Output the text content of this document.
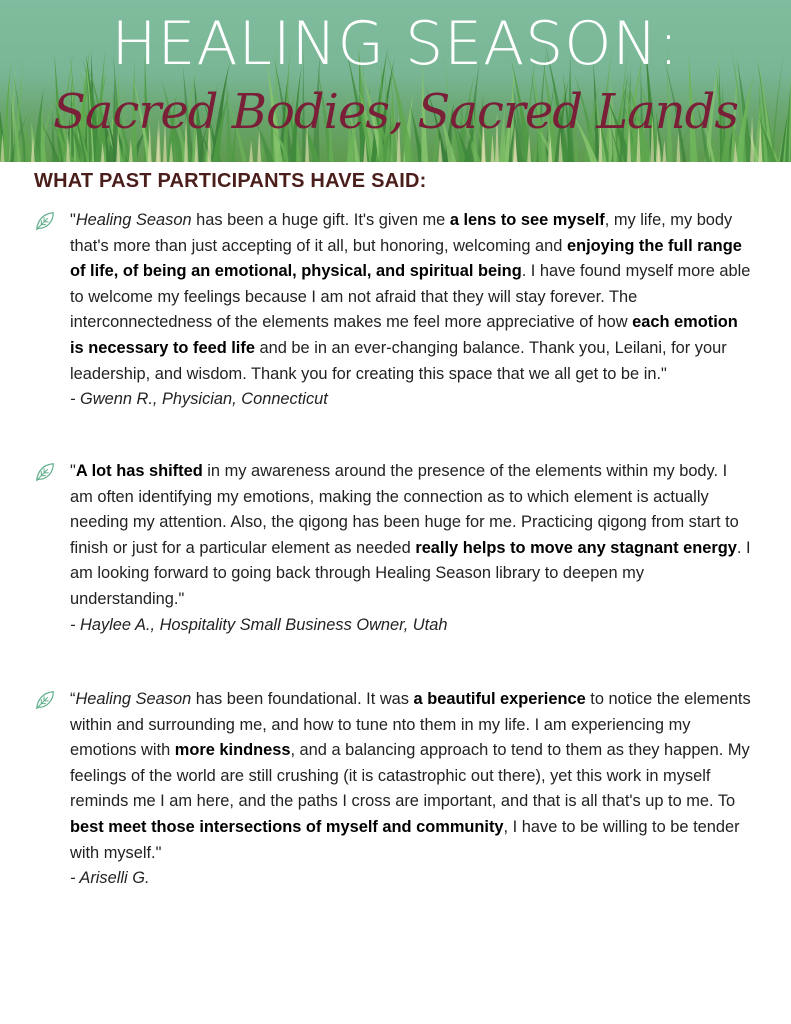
HEALING SEASON:
Sacred Bodies, Sacred Lands
WHAT PAST PARTICIPANTS HAVE SAID:

"Healing Season has been a huge gift. It's given me a lens to see myself, my life, my body that's more than just accepting of it all, but honoring, welcoming and enjoying the full range of life, of being an emotional, physical, and spiritual being. I have found myself more able to welcome my feelings because I am not afraid that they will stay forever. The interconnectedness of the elements makes me feel more appreciative of how each emotion is necessary to feed life and be in an ever-changing balance. Thank you, Leilani, for your leadership, and wisdom. Thank you for creating this space that we all get to be in."

- Gwenn R., Physician, Connecticut

"A lot has shifted in my awareness around the presence of the elements within my body. I am often identifying my emotions, making the connection as to which element is actually needing my attention. Also, the qigong has been huge for me. Practicing qigong from start to finish or just for a particular element as needed really helps to move any stagnant energy. I am looking forward to going back through Healing Season library to deepen my understanding."

- Haylee A., Hospitality Small Business Owner, Utah

“Healing Season has been foundational. It was a beautiful experience to notice the elements within and surrounding me, and how to tune nto them in my life. I am experiencing my emotions with more kindness, and a balancing approach to tend to them as they happen. My feelings of the world are still crushing (it is catastrophic out there), yet this work in myself reminds me I am here, and the paths I cross are important, and that is all that's up to me. To best meet those intersections of myself and community, I have to be willing to be tender with myself."

- Ariselli G.
